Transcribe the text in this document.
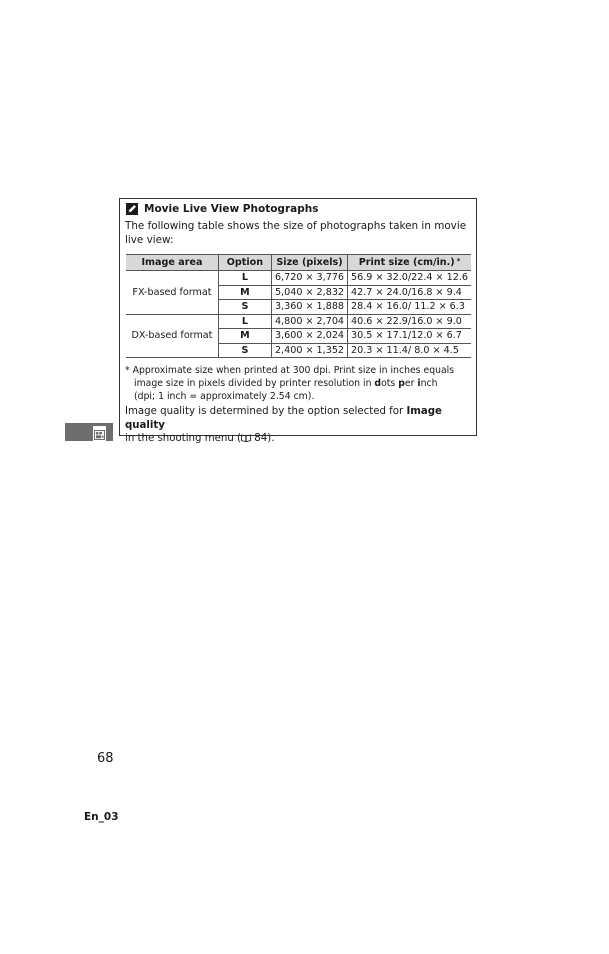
Movie Live View Photographs
The following table shows the size of photographs taken in movie live view:
Image area	Option	Size (pixels)	Print size (cm/in.) *
FX-based format	L	6,720 × 3,776	56.9 × 32.0/22.4 × 12.6
	M	5,040 × 2,832	42.7 × 24.0/16.8 × 9.4
	S	3,360 × 1,888	28.4 × 16.0/ 11.2 × 6.3
DX-based format	L	4,800 × 2,704	40.6 × 22.9/16.0 × 9.0
	M	3,600 × 2,024	30.5 × 17.1/12.0 × 6.7
	S	2,400 × 1,352	20.3 × 11.4/ 8.0 × 4.5
* Approximate size when printed at 300 dpi. Print size in inches equals
image size in pixels divided by printer resolution in dots per inch
(dpi; 1 inch = approximately 2.54 cm).
Image quality is determined by the option selected for Image quality
in the shooting menu ( 84).
68
En_03
